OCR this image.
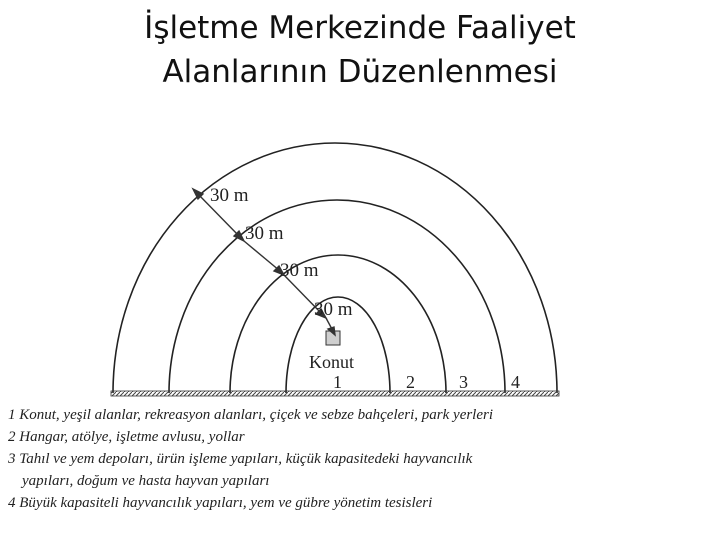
İşletme Merkezinde Faaliyet
Alanlarının Düzenlenmesi
30 m
30 m
30 m
30 m
Konut
1	2 3 4
1 Konut, yeşil alanlar, rekreasyon alanları, çiçek ve sebze bahçeleri, park yerleri
2 Hangar, atölye, işletme avlusu, yollar
3 Tahıl ve yem depoları, ürün işleme yapıları, küçük kapasitedeki hayvancılık
yapıları, doğum ve hasta hayvan yapıları
4 Büyük kapasiteli hayvancılık yapıları, yem ve gübre yönetim tesisleri
